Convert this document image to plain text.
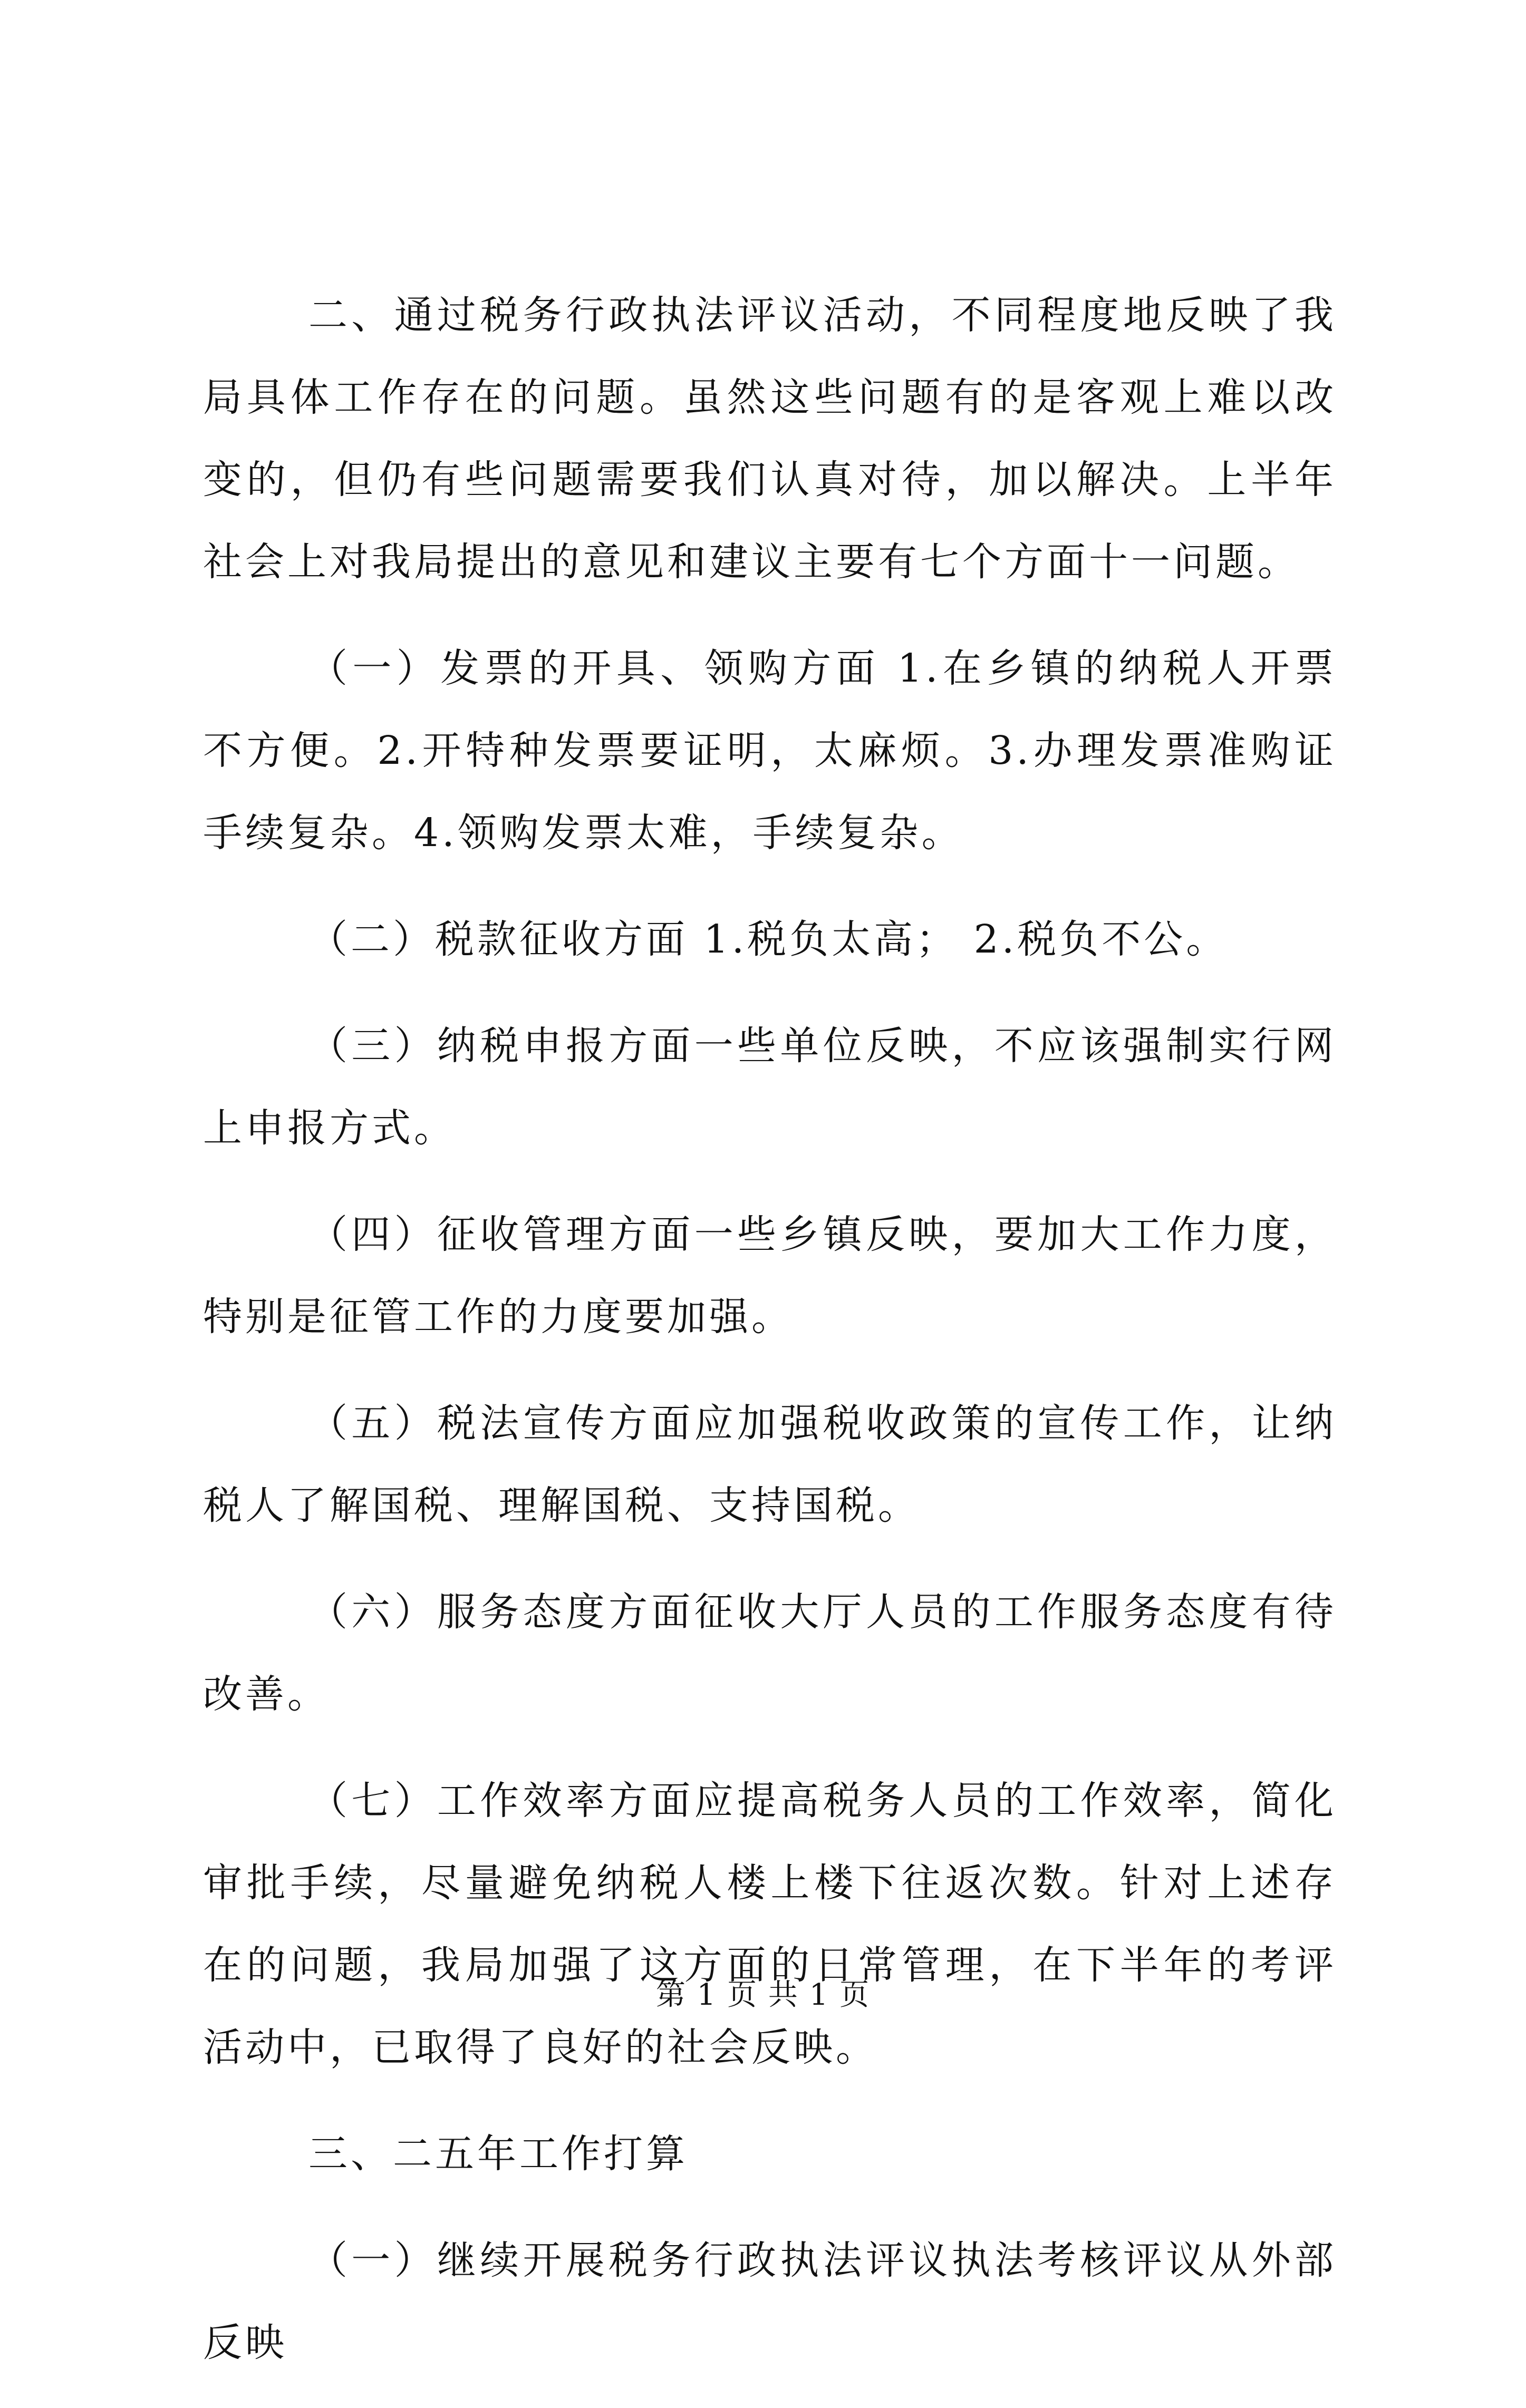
二、通过税务行政执法评议活动，不同程度地反映了我局具体工作存在的问题。虽然这些问题有的是客观上难以改变的，但仍有些问题需要我们认真对待，加以解决。上半年社会上对我局提出的意见和建议主要有七个方面十一问题。

（一）发票的开具、领购方面 1.在乡镇的纳税人开票不方便。2.开特种发票要证明，太麻烦。3.办理发票准购证手续复杂。4.领购发票太难，手续复杂。

（二）税款征收方面 1.税负太高； 2.税负不公。

（三）纳税申报方面一些单位反映，不应该强制实行网上申报方式。

（四）征收管理方面一些乡镇反映，要加大工作力度，特别是征管工作的力度要加强。

（五）税法宣传方面应加强税收政策的宣传工作，让纳税人了解国税、理解国税、支持国税。

（六）服务态度方面征收大厅人员的工作服务态度有待改善。

（七）工作效率方面应提高税务人员的工作效率，简化审批手续，尽量避免纳税人楼上楼下往返次数。针对上述存在的问题，我局加强了这方面的日常管理，在下半年的考评活动中，已取得了良好的社会反映。

三、二五年工作打算

（一）继续开展税务行政执法评议执法考核评议从外部反映

第 1 页 共 1 页
